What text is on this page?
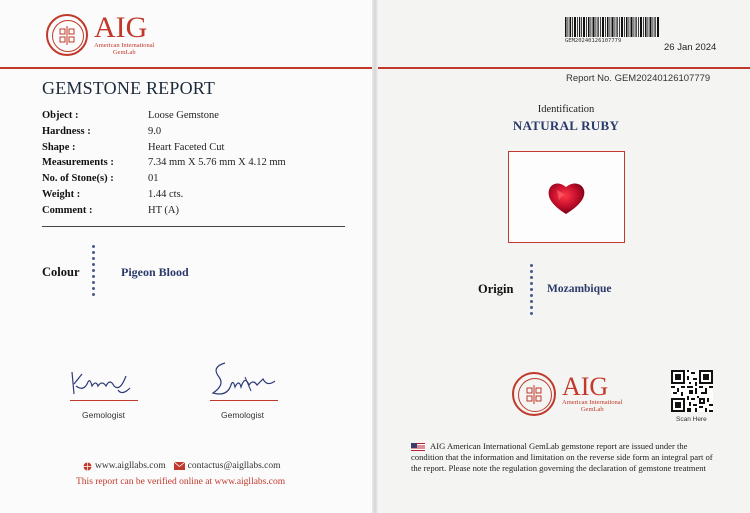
AIG
American International
GemLab
GEMSTONE REPORT
Object :	Loose Gemstone
Hardness :	9.0
Shape :	Heart Faceted Cut
Measurements :	7.34 mm X 5.76 mm X 4.12 mm
No. of Stone(s) :	01
Weight :	1.44 cts.
Comment :	HT (A)
Colour	Pigeon Blood
Gemologist	Gemologist
www.aigllabs.com contactus@aigllabs.com
This report can be verified online at www.aigllabs.com
GEM20240126107779
26 Jan 2024
Report No. GEM20240126107779
Identification
NATURAL RUBY
Origin	Mozambique
AIG
American International
GemLab
Scan Here
AIG American International GemLab gemstone report are issued under the condition that the information and limitation on the reverse side form an integral part of the report. Please note the regulation governing the declaration of gemstone treatment
